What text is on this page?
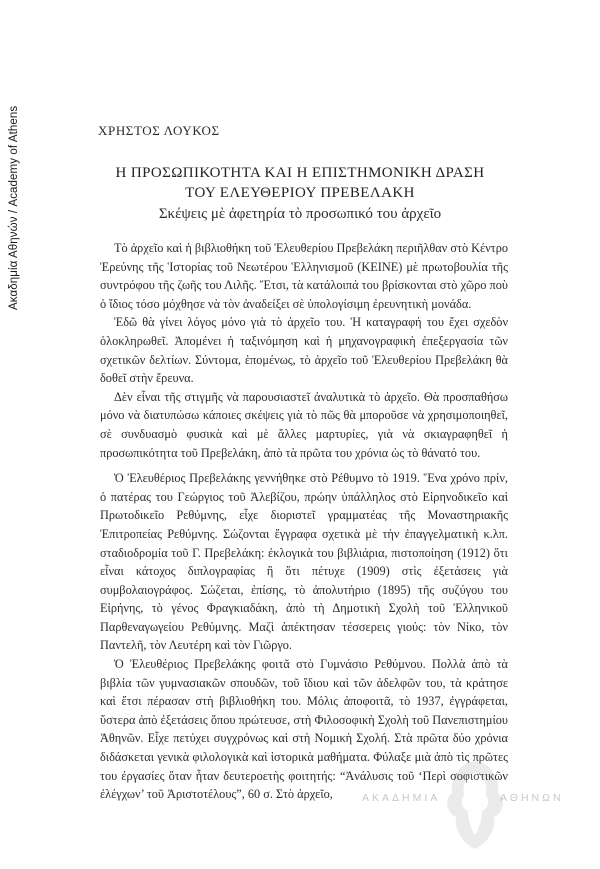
Ακαδημία Αθηνών / Academy of Athens	ΧΡΗΣΤΟΣ ΛΟΥΚΟΣ
Η ΠΡΟΣΩΠΙΚΟΤΗΤΑ ΚΑΙ Η ΕΠΙΣΤΗΜΟΝΙΚΗ ΔΡΑΣΗ
ΤΟΥ ΕΛΕΥΘΕΡΙΟΥ ΠΡΕΒΕΛΑΚΗ
Σκέψεις μὲ ἀφετηρία τὸ προσωπικό του ἀρχεῖο

Τὸ ἀρχεῖο καὶ ἡ βιβλιοθήκη τοῦ Ἐλευθερίου Πρεβελάκη περιῆλθαν στὸ Κέντρο Ἐρεύνης τῆς Ἱστορίας τοῦ Νεωτέρου Ἑλληνισμοῦ (ΚΕΙΝΕ) μὲ πρωτοβουλία τῆς συντρόφου τῆς ζωῆς του Λιλῆς. Ἔτσι, τὰ κατάλοιπά του βρίσκονται στὸ χῶρο ποὺ ὁ ἴδιος τόσο μόχθησε νὰ τὸν ἀναδείξει σὲ ὑπολογίσιμη ἐρευνητικὴ μονάδα.

Ἐδῶ θὰ γίνει λόγος μόνο γιὰ τὸ ἀρχεῖο του. Ἡ καταγραφή του ἔχει σχεδὸν ὁλοκληρωθεῖ. Ἀπομένει ἡ ταξινόμηση καὶ ἡ μηχανογραφικὴ ἐπεξεργασία τῶν σχετικῶν δελτίων. Σύντομα, ἑπομένως, τὸ ἀρχεῖο τοῦ Ἐλευθερίου Πρεβελάκη θὰ δοθεῖ στὴν ἔρευνα.

Δὲν εἶναι τῆς στιγμῆς νὰ παρουσιαστεῖ ἀναλυτικὰ τὸ ἀρχεῖο. Θὰ προσπαθήσω μόνο νὰ διατυπώσω κάποιες σκέψεις γιὰ τὸ πῶς θὰ μποροῦσε νὰ χρησιμοποιηθεῖ, σὲ συνδυασμὸ φυσικὰ καὶ μὲ ἄλλες μαρτυρίες, γιὰ νὰ σκιαγραφηθεῖ ἡ προσωπικότητα τοῦ Πρεβελάκη, ἀπὸ τὰ πρῶτα του χρόνια ὡς τὸ θάνατό του.

Ὁ Ἐλευθέριος Πρεβελάκης γεννήθηκε στὸ Ρέθυμνο τὸ 1919. Ἕνα χρόνο πρίν, ὁ πατέρας του Γεώργιος τοῦ Ἀλεβίζου, πρώην ὑπάλληλος στὸ Εἰρηνοδικεῖο καὶ Πρωτοδικεῖο Ρεθύμνης, εἶχε διοριστεῖ γραμματέας τῆς Μοναστηριακῆς Ἐπιτροπείας Ρεθύμνης. Σώζονται ἔγγραφα σχετικὰ μὲ τὴν ἐπαγγελματικὴ κ.λπ. σταδιοδρομία τοῦ Γ. Πρεβελάκη: ἐκλογικὰ του βιβλιάρια, πιστοποίηση (1912) ὅτι εἶναι κάτοχος διπλογραφίας ἢ ὅτι πέτυχε (1909) στὶς ἐξετάσεις γιὰ συμβολαιογράφος. Σώζεται, ἐπίσης, τὸ ἀπολυτήριο (1895) τῆς συζύγου του Εἰρήνης, τὸ γένος Φραγκιαδάκη, ἀπὸ τὴ Δημοτικὴ Σχολὴ τοῦ Ἑλληνικοῦ Παρθεναγωγείου Ρεθύμνης. Μαζὶ ἀπέκτησαν τέσσερεις γιούς: τὸν Νίκο, τὸν Παντελῆ, τὸν Λευτέρη καὶ τὸν Γιῶργο.

Ὁ Ἐλευθέριος Πρεβελάκης φοιτᾶ στὸ Γυμνάσιο Ρεθύμνου. Πολλὰ ἀπὸ τὰ βιβλία τῶν γυμνασιακῶν σπουδῶν, τοῦ ἴδιου καὶ τῶν ἀδελφῶν του, τὰ κράτησε καὶ ἔτσι πέρασαν στὴ βιβλιοθήκη του. Μόλις ἀποφοιτᾶ, τὸ 1937, ἐγγράφεται, ὕστερα ἀπὸ ἐξετάσεις ὅπου πρώτευσε, στὴ Φιλοσοφικὴ Σχολὴ τοῦ Πανεπιστημίου Ἀθηνῶν. Εἶχε πετύχει συγχρόνως καὶ στὴ Νομικὴ Σχολή. Στὰ πρῶτα δύο χρόνια διδάσκεται γενικὰ φιλολογικὰ καὶ ἱστορικὰ μαθήματα. Φύλαξε μιὰ ἀπὸ τὶς πρῶτες του ἐργασίες ὅταν ἦταν δευτεροετὴς φοιτητής: “Ἀνάλυσις τοῦ ‘Περὶ σοφιστικῶν ἐλέγχων’ τοῦ Ἀριστοτέλους”, 60 σ. Στὸ ἀρχεῖο,	ΑΚΑΔΗΜΙΑ	ΑΘΗΝΩΝ
